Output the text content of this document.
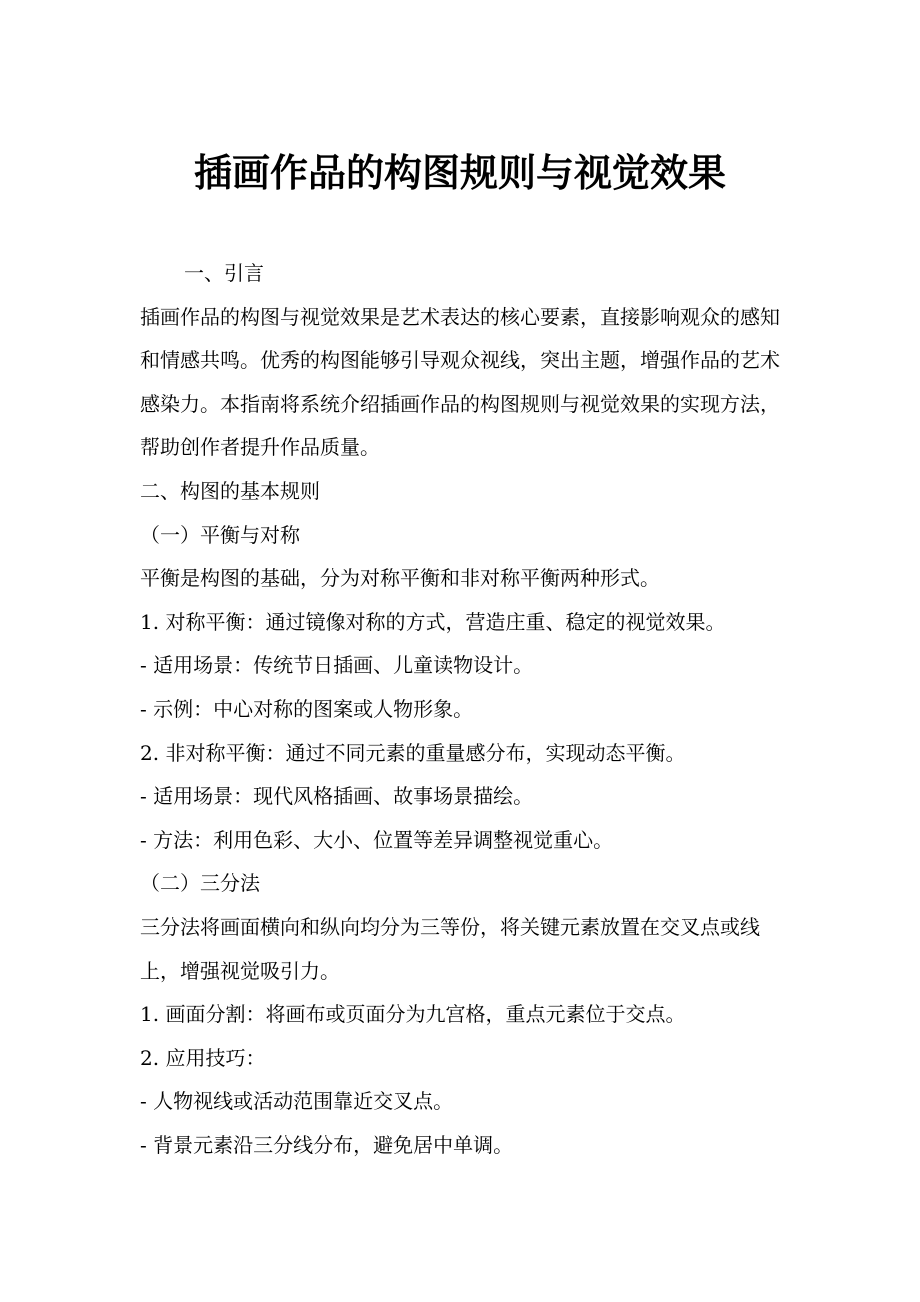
插画作品的构图规则与视觉效果

一、引言

插画作品的构图与视觉效果是艺术表达的核心要素，直接影响观众的感知和情感共鸣。优秀的构图能够引导观众视线，突出主题，增强作品的艺术感染力。本指南将系统介绍插画作品的构图规则与视觉效果的实现方法，帮助创作者提升作品质量。

二、构图的基本规则

（一）平衡与对称

平衡是构图的基础，分为对称平衡和非对称平衡两种形式。

1. 对称平衡：通过镜像对称的方式，营造庄重、稳定的视觉效果。

- 适用场景：传统节日插画、儿童读物设计。

- 示例：中心对称的图案或人物形象。

2. 非对称平衡：通过不同元素的重量感分布，实现动态平衡。

- 适用场景：现代风格插画、故事场景描绘。

- 方法：利用色彩、大小、位置等差异调整视觉重心。

（二）三分法

三分法将画面横向和纵向均分为三等份，将关键元素放置在交叉点或线上，增强视觉吸引力。

1. 画面分割：将画布或页面分为九宫格，重点元素位于交点。

2. 应用技巧：

- 人物视线或活动范围靠近交叉点。

- 背景元素沿三分线分布，避免居中单调。
